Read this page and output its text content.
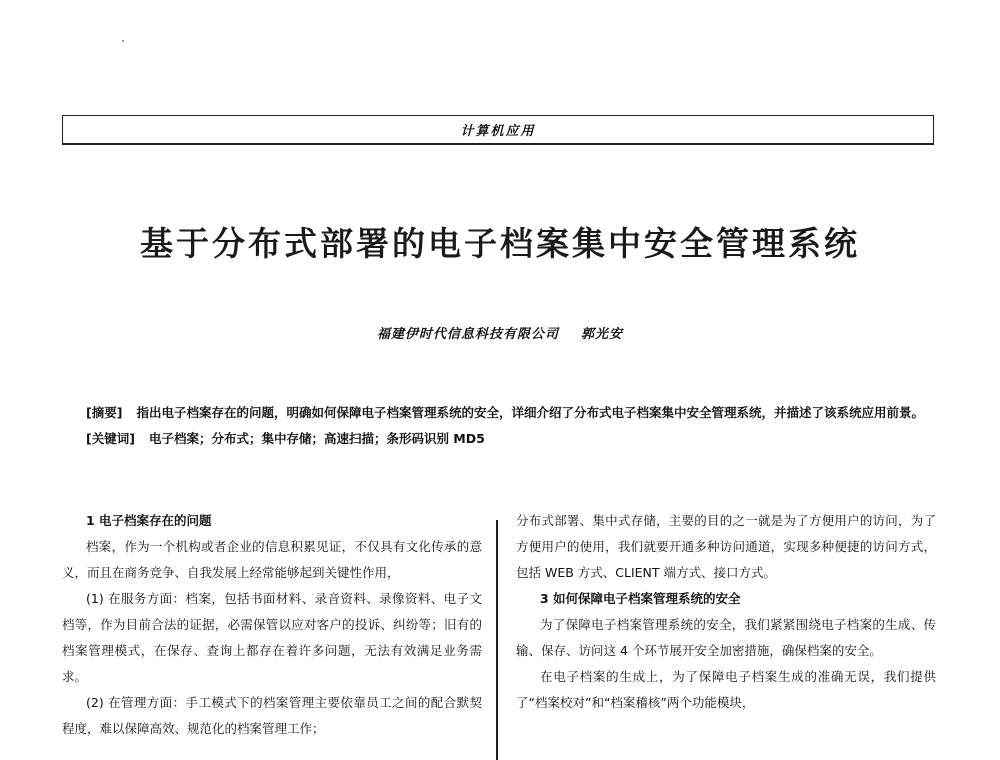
计算机应用
基于分布式部署的电子档案集中安全管理系统
福建伊时代信息科技有限公司 郭光安

[摘要] 指出电子档案存在的问题，明确如何保障电子档案管理系统的安全，详细介绍了分布式电子档案集中安全管理系统，并描述了该系统应用前景。

[关键词] 电子档案；分布式；集中存储；高速扫描；条形码识别 MD5

1 电子档案存在的问题

档案，作为一个机构或者企业的信息积累见证，不仅具有文化传承的意义，而且在商务竞争、自我发展上经常能够起到关键性作用，

(1) 在服务方面：档案，包括书面材料、录音资料、录像资料、电子文档等，作为目前合法的证据，必需保管以应对客户的投诉、纠纷等；旧有的档案管理模式，在保存、查询上都存在着许多问题，无法有效满足业务需求。

(2) 在管理方面：手工模式下的档案管理主要依靠员工之间的配合默契程度，难以保障高效、规范化的档案管理工作；

分布式部署、集中式存储，主要的目的之一就是为了方便用户的访问，为了方便用户的使用，我们就要开通多种访问通道，实现多种便捷的访问方式，包括 WEB 方式、CLIENT 端方式、接口方式。

3 如何保障电子档案管理系统的安全

为了保障电子档案管理系统的安全，我们紧紧围绕电子档案的生成、传输、保存、访问这 4 个环节展开安全加密措施，确保档案的安全。

在电子档案的生成上，为了保障电子档案生成的准确无误，我们提供了“档案校对”和“档案稽核”两个功能模块，
